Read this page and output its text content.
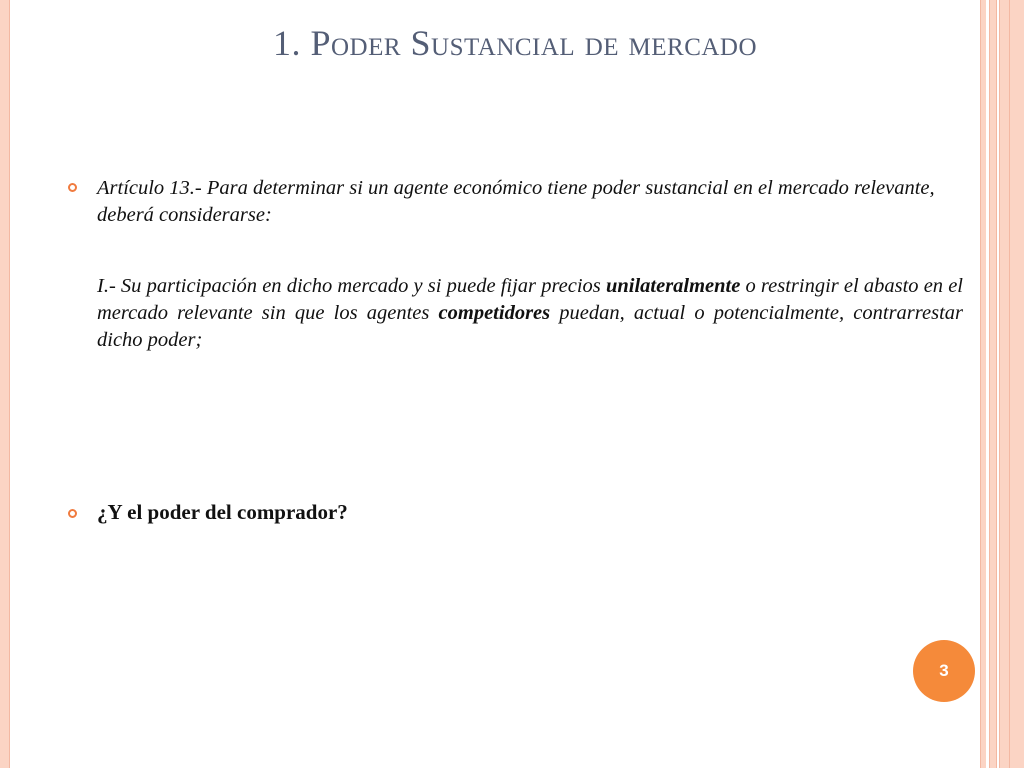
1. Poder Sustancial de mercado
Artículo 13.- Para determinar si un agente económico tiene poder sustancial en el mercado relevante, deberá considerarse:
I.- Su participación en dicho mercado y si puede fijar precios unilateralmente o restringir el abasto en el mercado relevante sin que los agentes competidores puedan, actual o potencialmente, contrarrestar dicho poder;
¿Y el poder del comprador?
3
